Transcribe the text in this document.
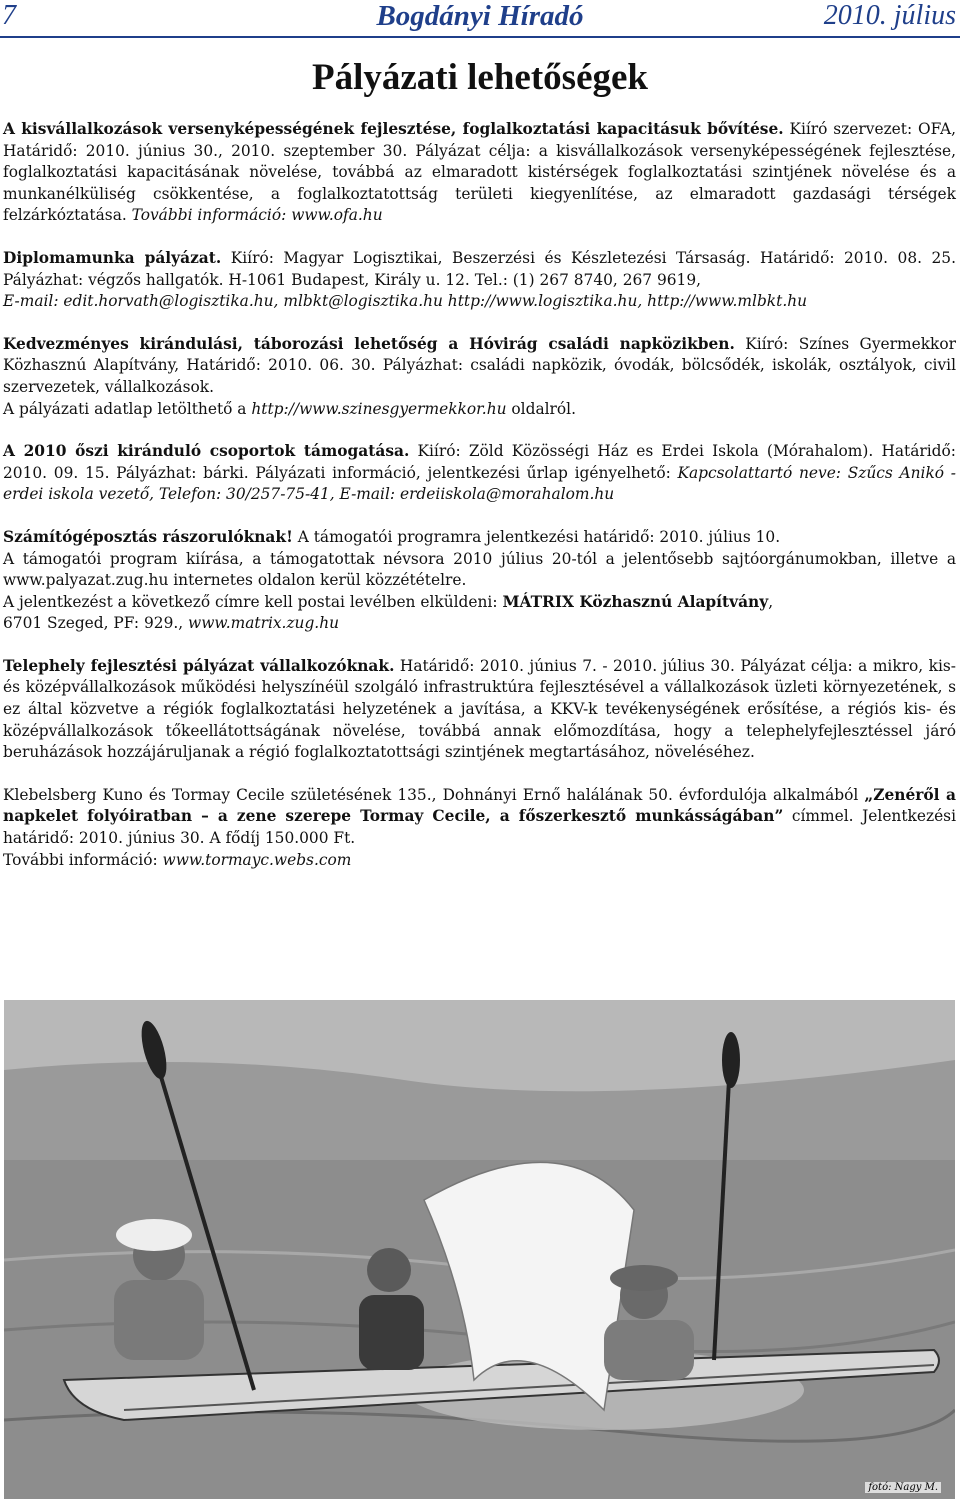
7	Bogdányi Híradó	2010. július
Pályázati lehetőségek

A kisvállalkozások versenyképességének fejlesztése, foglalkoztatási kapacitásuk bővítése. Kiíró szervezet: OFA, Határidő: 2010. június 30., 2010. szeptember 30. Pályázat célja: a kisvállalkozások versenyképességének fejlesztése, foglalkoztatási kapacitásának növelése, továbbá az elmaradott kistérségek foglalkoztatási szintjének növelése és a munkanélküliség csökkentése, a foglalkoztatottság területi kiegyenlítése, az elmaradott gazdasági térségek felzárkóztatása. További információ: www.ofa.hu

Diplomamunka pályázat. Kiíró: Magyar Logisztikai, Beszerzési és Készletezési Társaság. Határidő: 2010. 08. 25. Pályázhat: végzős hallgatók. H-1061 Budapest, Király u. 12. Tel.: (1) 267 8740, 267 9619,
E-mail: edit.horvath@logisztika.hu, mlbkt@logisztika.hu http://www.logisztika.hu, http://www.mlbkt.hu

Kedvezményes kirándulási, táborozási lehetőség a Hóvirág családi napközikben. Kiíró: Színes Gyermekkor Közhasznú Alapítvány, Határidő: 2010. 06. 30. Pályázhat: családi napközik, óvodák, bölcsődék, iskolák, osztályok, civil szervezetek, vállalkozások.
A pályázati adatlap letölthető a http://www.szinesgyermekkor.hu oldalról.

A 2010 őszi kiránduló csoportok támogatása. Kiíró: Zöld Közösségi Ház es Erdei Iskola (Mórahalom). Határidő: 2010. 09. 15. Pályázhat: bárki. Pályázati információ, jelentkezési űrlap igényelhető: Kapcsolattartó neve: Szűcs Anikó - erdei iskola vezető, Telefon: 30/257-75-41, E-mail: erdeiiskola@morahalom.hu

Számítógéposztás rászorulóknak! A támogatói programra jelentkezési határidő: 2010. július 10.
A támogatói program kiírása, a támogatottak névsora 2010 július 20-tól a jelentősebb sajtóorgánumokban, illetve a www.palyazat.zug.hu internetes oldalon kerül közzétételre.
A jelentkezést a következő címre kell postai levélben elküldeni: MÁTRIX Közhasznú Alapítvány,
6701 Szeged, PF: 929., www.matrix.zug.hu

Telephely fejlesztési pályázat vállalkozóknak. Határidő: 2010. június 7. - 2010. július 30. Pályázat célja: a mikro, kis- és középvállalkozások működési helyszínéül szolgáló infrastruktúra fejlesztésével a vállalkozások üzleti környezetének, s ez által közvetve a régiók foglalkoztatási helyzetének a javítása, a KKV-k tevékenységének erősítése, a régiós kis- és középvállalkozások tőkeellátottságának növelése, továbbá annak előmozdítása, hogy a telephelyfejlesztéssel járó beruházások hozzájáruljanak a régió foglalkoztatottsági szintjének megtartásához, növeléséhez.

Klebelsberg Kuno és Tormay Cecile születésének 135., Dohnányi Ernő halálának 50. évfordulója alkalmából „Zenéről a napkelet folyóiratban – a zene szerepe Tormay Cecile, a főszerkesztő munkásságában” címmel. Jelentkezési határidő: 2010. június 30. A fődíj 150.000 Ft.
További információ: www.tormayc.webs.com

fotó: Nagy M.
